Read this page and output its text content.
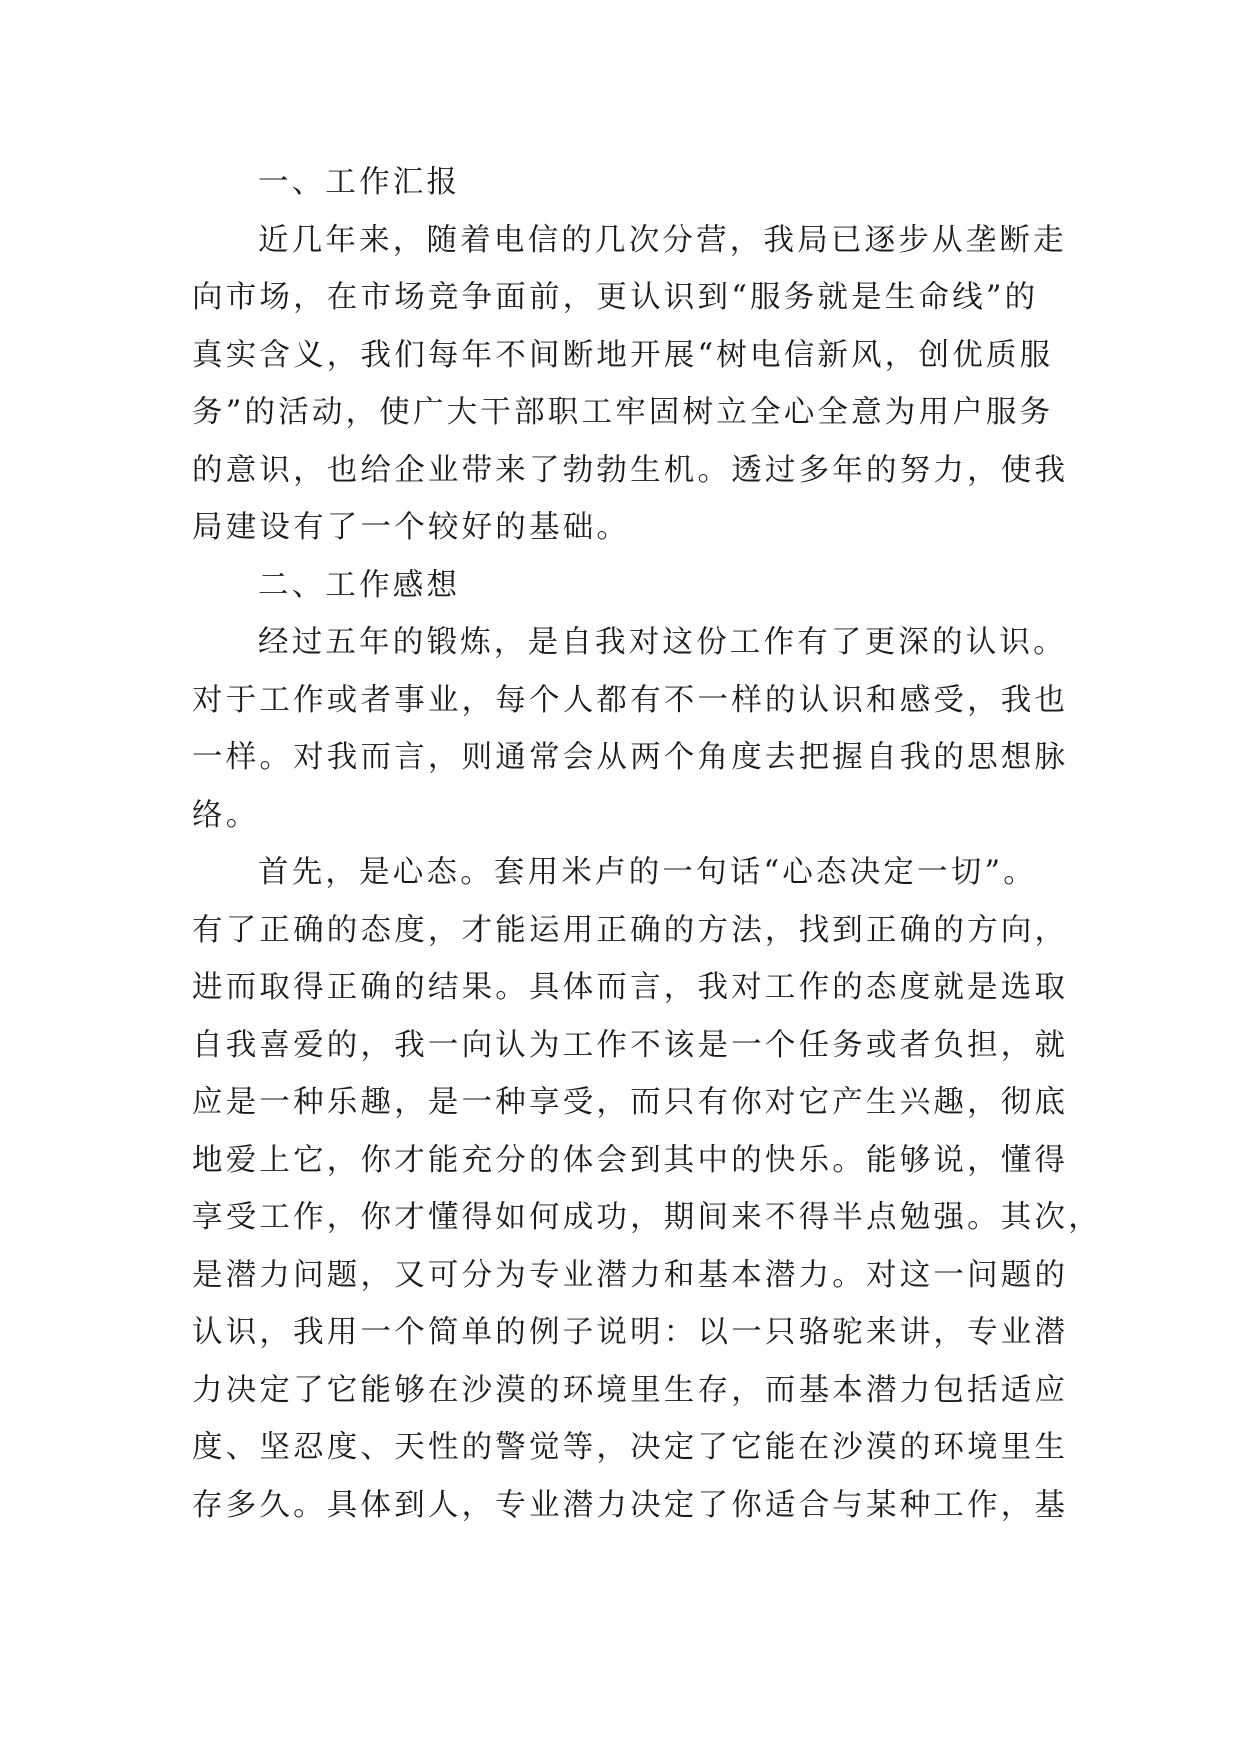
一、工作汇报
近几年来，随着电信的几次分营，我局已逐步从垄断走
向市场，在市场竞争面前，更认识到“服务就是生命线”的
真实含义，我们每年不间断地开展“树电信新风，创优质服
务”的活动，使广大干部职工牢固树立全心全意为用户服务
的意识，也给企业带来了勃勃生机。透过多年的努力，使我
局建设有了一个较好的基础。
二、工作感想
经过五年的锻炼，是自我对这份工作有了更深的认识。
对于工作或者事业，每个人都有不一样的认识和感受，我也
一样。对我而言，则通常会从两个角度去把握自我的思想脉
络。
首先，是心态。套用米卢的一句话“心态决定一切”。
有了正确的态度，才能运用正确的方法，找到正确的方向，
进而取得正确的结果。具体而言，我对工作的态度就是选取
自我喜爱的，我一向认为工作不该是一个任务或者负担，就
应是一种乐趣，是一种享受，而只有你对它产生兴趣，彻底
地爱上它，你才能充分的体会到其中的快乐。能够说，懂得
享受工作，你才懂得如何成功，期间来不得半点勉强。其次，
是潜力问题，又可分为专业潜力和基本潜力。对这一问题的
认识，我用一个简单的例子说明：以一只骆驼来讲，专业潜
力决定了它能够在沙漠的环境里生存，而基本潜力包括适应
度、坚忍度、天性的警觉等，决定了它能在沙漠的环境里生
存多久。具体到人，专业潜力决定了你适合与某种工作，基
